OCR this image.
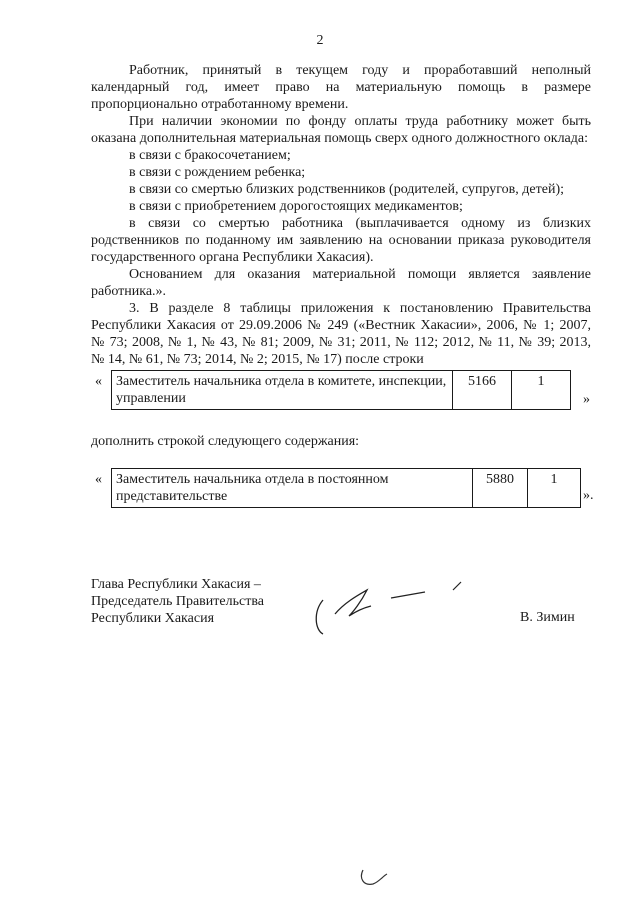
2

Работник, принятый в текущем году и проработавший неполный

календарный год, имеет право на материальную помощь в размере

пропорционально отработанному времени.

При наличии экономии по фонду оплаты труда работнику может быть

оказана дополнительная материальная помощь сверх одного должностного оклада:

в связи с бракосочетанием;

в связи с рождением ребенка;

в связи со смертью близких родственников (родителей, супругов, детей);

в связи с приобретением дорогостоящих медикаментов;

в связи со смертью работника (выплачивается одному из близких

родственников по поданному им заявлению на основании приказа руководителя

государственного органа Республики Хакасия).

Основанием для оказания материальной помощи является заявление

работника.».

3. В разделе 8 таблицы приложения к постановлению Правительства

Республики Хакасия от 29.09.2006 № 249 («Вестник Хакасии», 2006, № 1; 2007,

№ 73; 2008, № 1, № 43, № 81; 2009, № 31; 2011, № 112; 2012, № 11, № 39; 2013,

№ 14, № 61, № 73; 2014, № 2; 2015, № 17) после строки

« Заместитель начальника отдела в комитете, инспекции, управлении	5166	1
»
дополнить строкой следующего содержания:
« Заместитель начальника отдела в постоянном представительстве	5880	1
».
Глава Республики Хакасия –
Председатель Правительства
Республики Хакасия	В. Зимин
